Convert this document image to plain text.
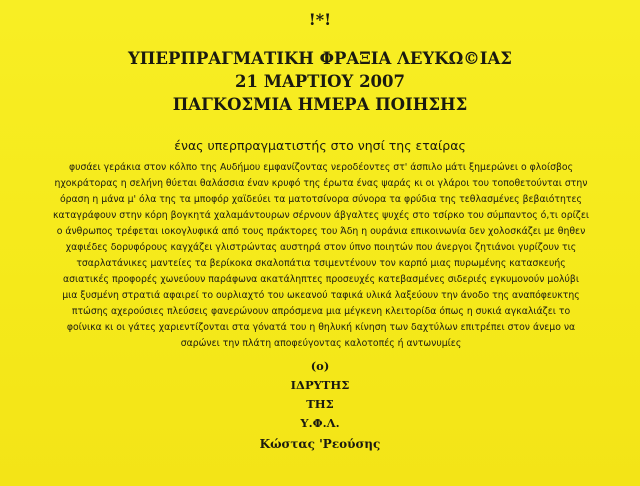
!*!
ΥΠΕΡΠΡΑΓΜΑΤΙΚΗ ΦΡΑΞΙΑ ΛΕΥΚΩ©ΙΑΣ
21 ΜΑΡΤΙΟΥ 2007
ΠΑΓΚΟΣΜΙΑ ΗΜΕΡΑ ΠΟΙΗΣΗΣ
ένας υπερπραγματιστής στο νησί της εταίρας
φυσάει γεράκια στον κόλπο της Αυδήμου εμφανίζοντας νεροδέοντες στ' άσπιλο μάτι ξημερώνει ο φλοίσβος
ηχοκράτορας η σελήνη θύεται θαλάσσια έναν κρυφό της έρωτα ένας ψαράς κι οι γλάροι του τοποθετούνται στην
όραση η μάνα μ' όλα της τα μποφόρ χαϊδεύει τα ματοτσίνορα σύνορα τα φρύδια της τεθλασμένες βεβαιότητες
καταγράφουν στην κόρη βογκητά χαλαμάντουρων σέρνουν άβγαλτες ψυχές στο τσίρκο του σύμπαντος ό,τι ορίζει
ο άνθρωπος τρέφεται ιοκογλυφικά από τους πράκτορες του Άδη η ουράνια επικοινωνία δεν χολοσκάζει με θηθεν
χαφιέδες δορυφόρους καγχάζει γλιστρώντας αυστηρά στον ύπνο ποιητών που άνεργοι ζητιάνοι γυρίζουν τις
τσαρλατάνικες μαντείες τα βερίκοκα σκαλοπάτια τσιμεντένουν τον καρπό μιας πυρωμένης κατασκευής
ασιατικές προφορές χωνεύουν παράφωνα ακατάληπτες προσευχές κατεβασμένες σιδεριές εγκυμονούν μολύβι
μια ξυσμένη στρατιά αφαιρεί το ουρλιαχτό του ωκεανού ταφικά υλικά λαξεύουν την άνοδο της αναπόφευκτης
πτώσης αχερούσιες πλεύσεις φανερώνουν απρόσμενα μια μέγκενη κλειτορίδα όπως η συκιά αγκαλιάζει το
φοίνικα κι οι γάτες χαριεντίζονται στα γόνατά του η θηλυκή κίνηση των δαχτύλων επιτρέπει στον άνεμο να
σαρώνει την πλάτη αποφεύγοντας καλοτοπές ή αντωνυμίες
(ο)
ΙΔΡΥΤΗΣ
ΤΗΣ
Υ.Φ.Λ.
Κώστας 'Ρεούσης
